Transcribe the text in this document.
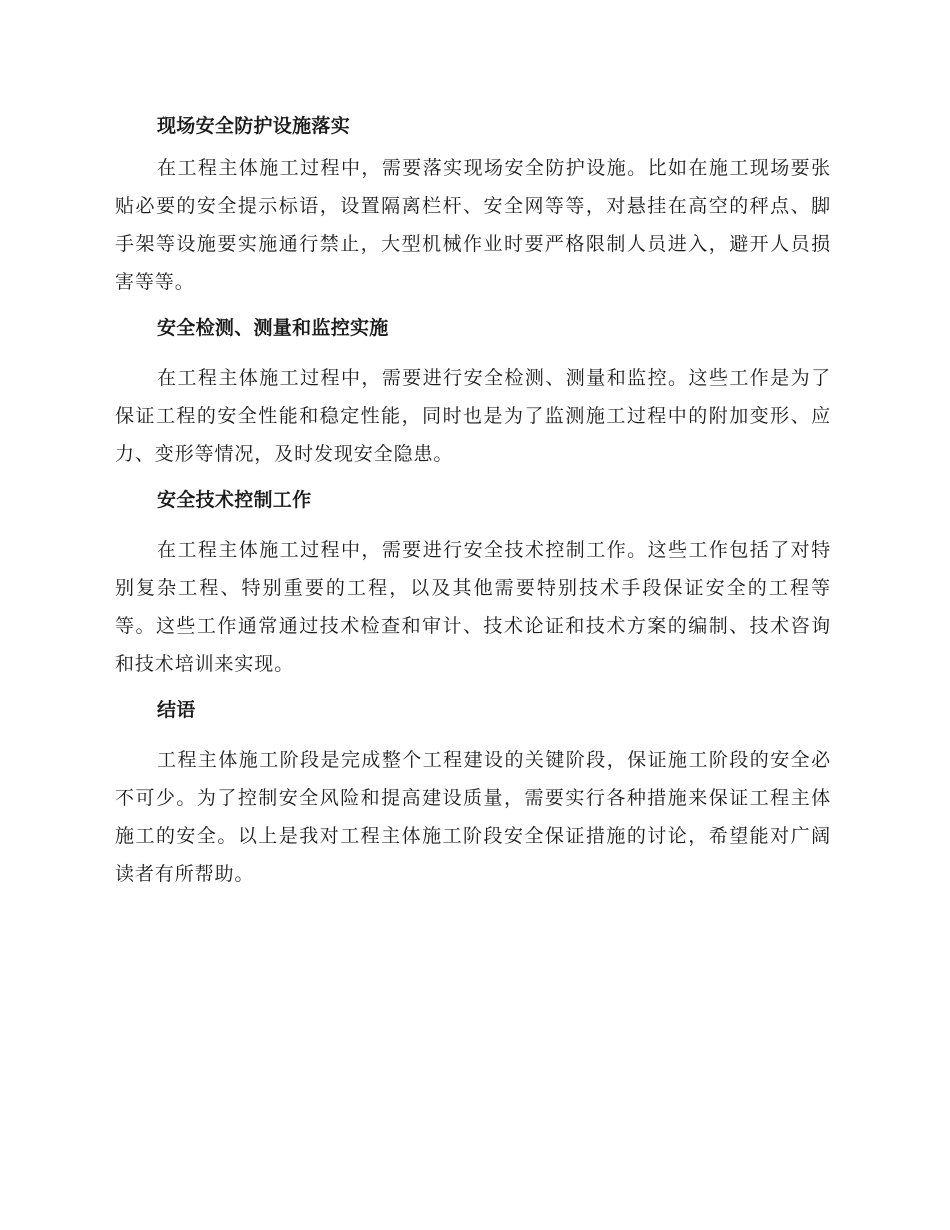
现场安全防护设施落实

在工程主体施工过程中，需要落实现场安全防护设施。比如在施工现场要张贴必要的安全提示标语，设置隔离栏杆、安全网等等，对悬挂在高空的秤点、脚手架等设施要实施通行禁止，大型机械作业时要严格限制人员进入，避开人员损害等等。

安全检测、测量和监控实施

在工程主体施工过程中，需要进行安全检测、测量和监控。这些工作是为了保证工程的安全性能和稳定性能，同时也是为了监测施工过程中的附加变形、应力、变形等情况，及时发现安全隐患。

安全技术控制工作

在工程主体施工过程中，需要进行安全技术控制工作。这些工作包括了对特别复杂工程、特别重要的工程，以及其他需要特别技术手段保证安全的工程等等。这些工作通常通过技术检查和审计、技术论证和技术方案的编制、技术咨询和技术培训来实现。

结语

工程主体施工阶段是完成整个工程建设的关键阶段，保证施工阶段的安全必不可少。为了控制安全风险和提高建设质量，需要实行各种措施来保证工程主体施工的安全。以上是我对工程主体施工阶段安全保证措施的讨论，希望能对广阔读者有所帮助。
